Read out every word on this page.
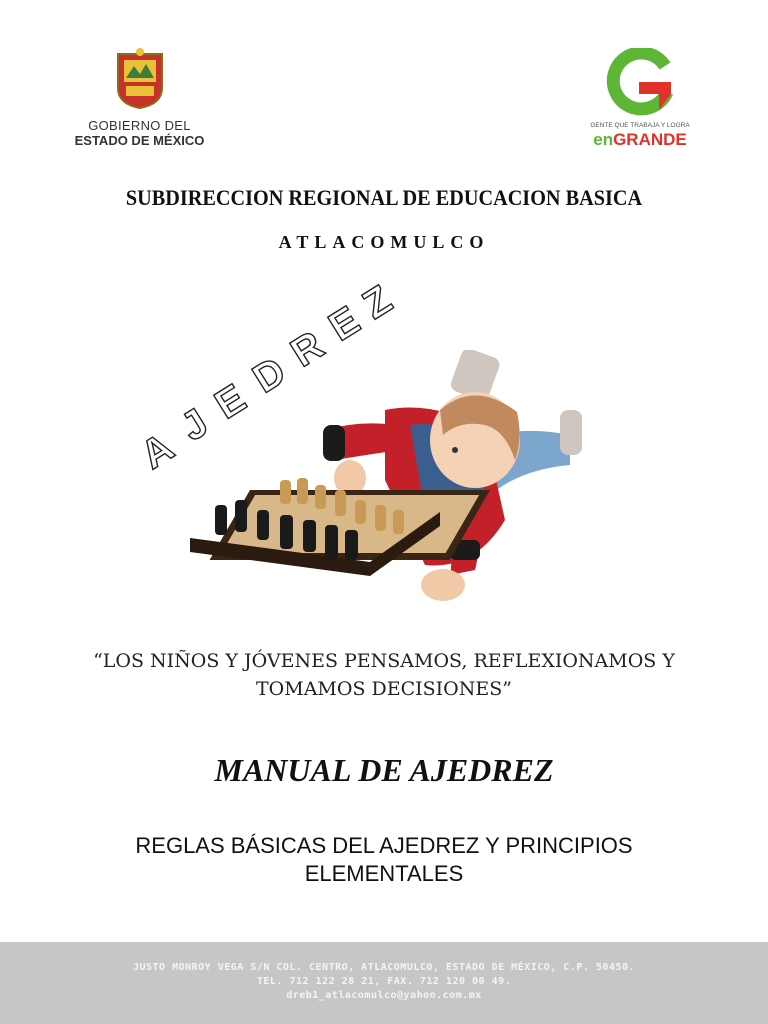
GOBIERNO DEL
ESTADO DE MÉXICO
GENTE QUE TRABAJA Y LOGRA
enGRANDE
SUBDIRECCION REGIONAL DE EDUCACION BASICA
ATLACOMULCO
A
J
E
D
R
E
Z
“LOS NIÑOS Y JÓVENES PENSAMOS, REFLEXIONAMOS Y
TOMAMOS DECISIONES”
MANUAL DE AJEDREZ
REGLAS BÁSICAS DEL AJEDREZ Y PRINCIPIOS
ELEMENTALES
JUSTO MONROY VEGA S/N COL. CENTRO, ATLACOMULCO, ESTADO DE MÉXICO, C.P. 50450.
TEL. 712 122 28 21, FAX. 712 120 00 49.
dreb1_atlacomulco@yahoo.com.mx
